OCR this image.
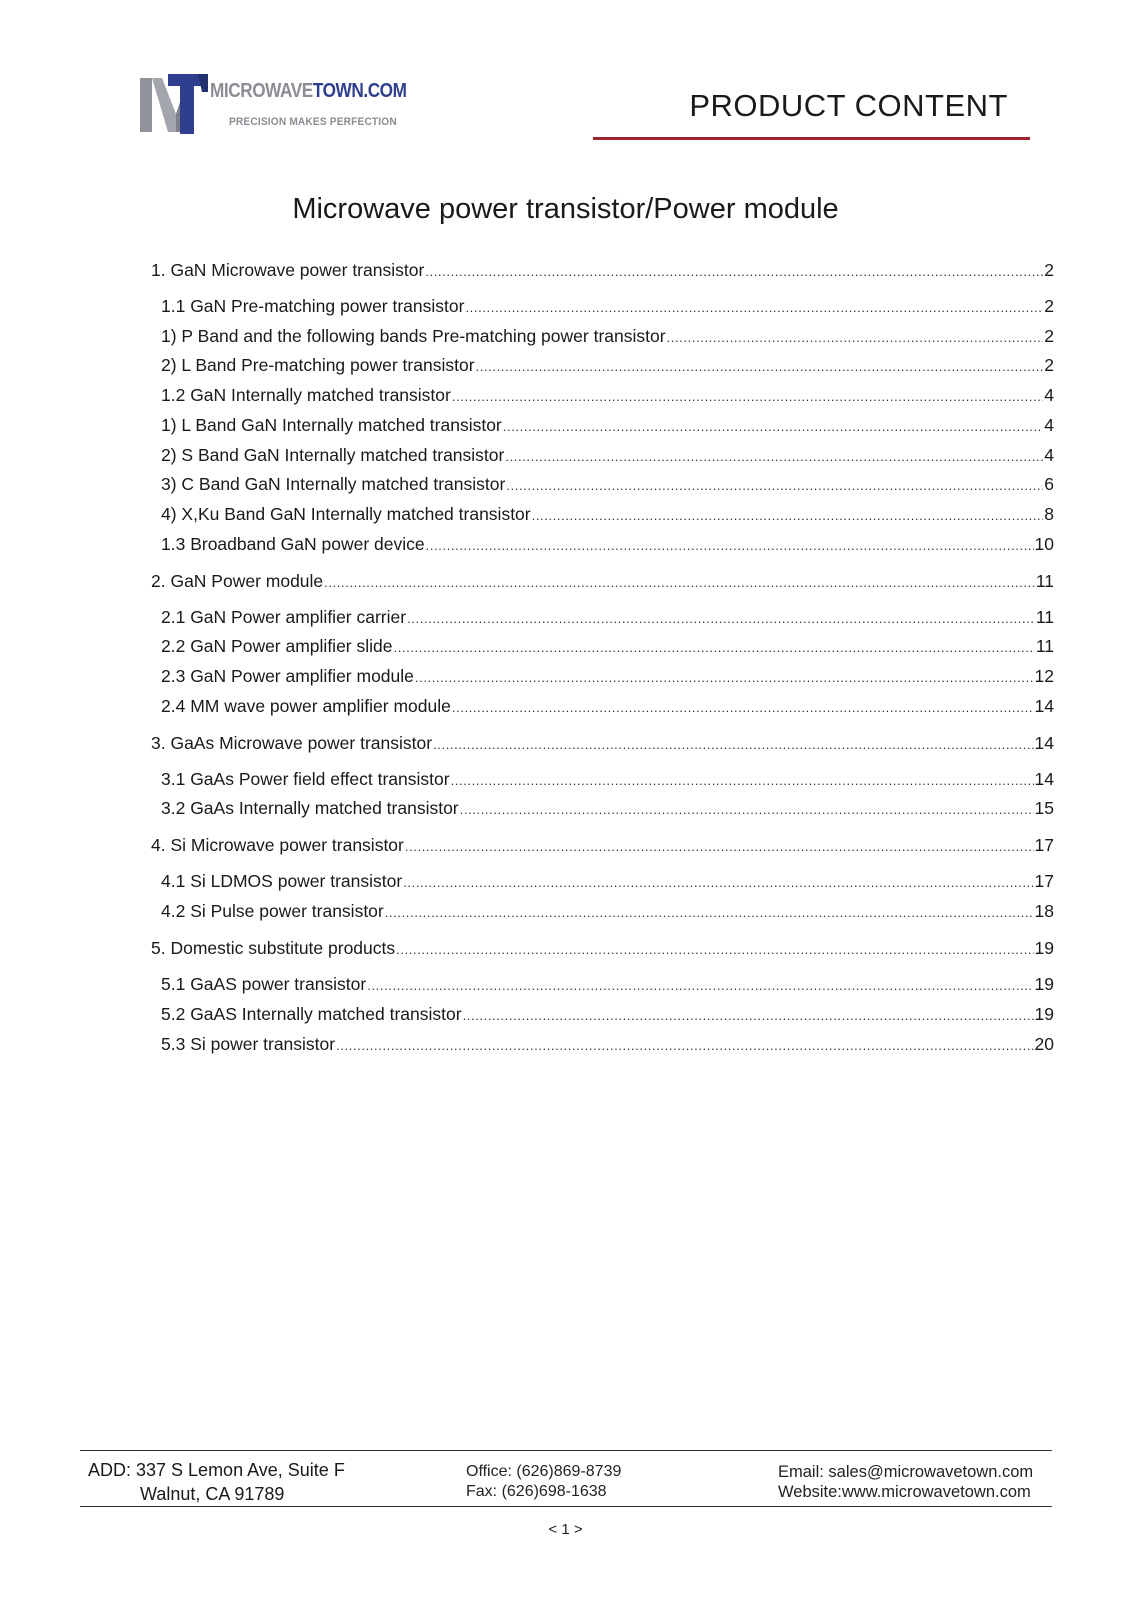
MICROWAVETOWN.COM
PRECISION MAKES PERFECTION	PRODUCT CONTENT
Microwave power transistor/Power module
1. GaN Microwave power transistor .....	2
1.1 GaN Pre-matching power transistor .....	2
1) P Band and the following bands Pre-matching power transistor .....	2
2) L Band Pre-matching power transistor .....	2
1.2 GaN Internally matched transistor .....	4
1) L Band GaN Internally matched transistor .....	4
2) S Band GaN Internally matched transistor .....	4
3) C Band GaN Internally matched transistor .....	6
4) X,Ku Band GaN Internally matched transistor .....	8
1.3 Broadband GaN power device .....	10
2. GaN Power module .....	11
2.1 GaN Power amplifier carrier .....	11
2.2 GaN Power amplifier slide .....	11
2.3 GaN Power amplifier module .....	12
2.4 MM wave power amplifier module .....	14
3. GaAs Microwave power transistor .....	14
3.1 GaAs Power field effect transistor .....	14
3.2 GaAs Internally matched transistor .....	15
4. Si Microwave power transistor .....	17
4.1 Si LDMOS power transistor .....	17
4.2 Si Pulse power transistor .....	18
5. Domestic substitute products .....	19
5.1 GaAS power transistor .....	19
5.2 GaAS Internally matched transistor .....	19
5.3 Si power transistor .....	20
ADD: 337 S Lemon Ave, Suite F
Walnut, CA 91789
Office: (626)869-8739
Fax: (626)698-1638
Email: sales@microwavetown.com
Website:www.microwavetown.com
< 1 >
